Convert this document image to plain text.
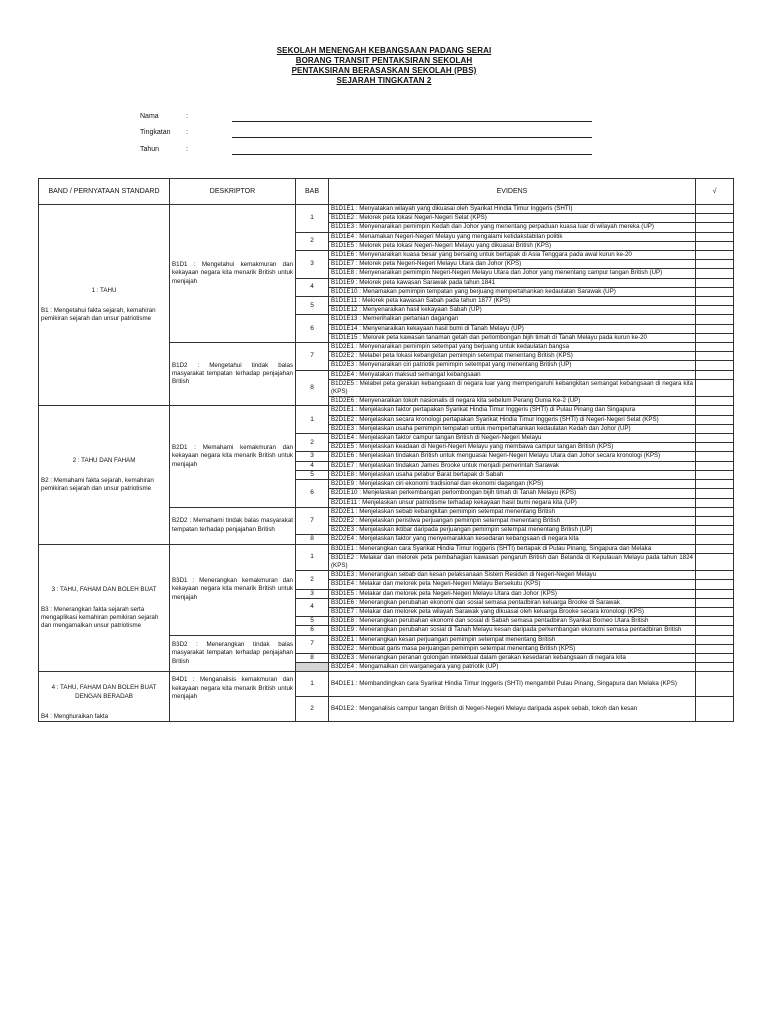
SEKOLAH MENENGAH KEBANGSAAN PADANG SERAI
BORANG TRANSIT PENTAKSIRAN SEKOLAH
PENTAKSIRAN BERASASKAN SEKOLAH (PBS)
SEJARAH TINGKATAN 2
Nama	:
Tingkatan	:
Tahun	:
BAND / PERNYATAAN STANDARD	DESKRIPTOR	BAB	EVIDENS	√

1 : TAHU
B1 : Mengetahui fakta sejarah, kemahiran pemikiran sejarah dan unsur patriotisme	B1D1 : Mengetahui kemakmuran dan kekayaan negara kita menarik British untuk menjajah	1	B1D1E1 : Menyatakan wilayah yang dikuasai oleh Syarikat Hindia Timur Inggeris (SHTI)	
			B1D1E2 : Melorek peta lokasi Negeri-Negeri Selat (KPS)	
			B1D1E3 : Menyenaraikan pemimpin Kedah dan Johor yang menentang perpaduan kuasa luar di wilayah mereka (UP)	
		2	B1D1E4 : Menamakan Negeri-Negeri Melayu yang mengalami ketidakstabilan politik	
			B1D1E5 : Melorek peta lokasi Negeri-Negeri Melayu yang dikuasai British (KPS)	
		3	B1D1E6 : Menyenaraikan kuasa besar yang bersaing untuk bertapak di Asia Tenggara pada awal kurun ke-20	
			B1D1E7 : Melorek peta Negeri-Negeri Melayu Utara dan Johor (KPS)	
			B1D1E8 : Menyenaraikan pemimpin Negeri-Negeri Melayu Utara dan Johor yang menentang campur tangan British (UP)	
		4	B1D1E9 : Melorek peta kawasan Sarawak pada tahun 1841	
			B1D1E10 : Menamakan pemimpin tempatan yang berjuang mempertahankan kedaulatan Sarawak (UP)	
		5	B1D1E11 : Melorek peta kawasan Sabah pada tahun 1877 (KPS)	
			B1D1E12 : Menyenaraikan hasil kekayaan Sabah (UP)	
		6	B1D1E13 : Memerihalkan pertanian dagangan	
			B1D1E14 : Menyenaraikan kekayaan hasil bumi di Tanah Melayu (UP)	
			B1D1E15 : Melorek peta kawasan tanaman getah dan perlombongan bijih timah di Tanah Melayu pada kurun ke-20	
	B1D2 : Mengetahui tindak balas masyarakat tempatan terhadap penjajahan British	7	B1D2E1 : Menyenaraikan pemimpin setempat yang berjuang untuk kedaulatan bangsa	
			B1D2E2 : Melabel peta lokasi kebangkitan pemimpin setempat menentang British (KPS)	
			B1D2E3 : Menyenaraikan ciri patriotik pemimpin setempat yang menentang British (UP)	
		8	B1D2E4 : Menyatakan maksud semangat kebangsaan	
			B1D2E5 : Melabel peta gerakan kebangsaan di negara luar yang mempengaruhi kebangkitan semangat kebangsaan di negara kita (KPS)	
			B1D2E6 : Menyenaraikan tokoh nasionalis di negara kita sebelum Perang Dunia Ke-2 (UP)	

2 : TAHU DAN FAHAM
B2 : Memahami fakta sejarah, kemahiran pemikiran sejarah dan unsur patriotisme	B2D1 : Memahami kemakmuran dan kekayaan negara kita menarik British untuk menjajah	1	B2D1E1 : Menjelaskan faktor pertapakan Syarikat Hindia Timur Inggeris (SHTI) di Pulau Pinang dan Singapura	
			B2D1E2 : Menjelaskan secara kronologi pertapakan Syarikat Hindia Timur Inggeris (SHTI) di Negeri-Negeri Selat (KPS)	
			B2D1E3 : Menjelaskan usaha pemimpin tempatan untuk mempertahankan kedaulatan Kedah dan Johor (UP)	
		2	B2D1E4 : Menjelaskan faktor campur tangan British di Negeri-Negeri Melayu	
			B2D1E5 : Menjelaskan keadaan di Negeri-Negeri Melayu yang membawa campur tangan British (KPS)	
		3	B2D1E6 : Menjelaskan tindakan British untuk menguasai Negeri-Negeri Melayu Utara dan Johor secara kronologi (KPS)	
		4	B2D1E7 : Menjelaskan tindakan James Brooke untuk menjadi pemerintah Sarawak	
		5	B2D1E8 : Menjelaskan usaha pelabur Barat bertapak di Sabah	
		6	B2D1E9 : Menjelaskan ciri ekonomi tradisional dan ekonomi dagangan (KPS)	
			B2D1E10 : Menjelaskan perkembangan perlombongan bijih timah di Tanah Melayu (KPS)	
			B2D1E11 : Menjelaskan unsur patriotisme terhadap kekayaan hasil bumi negara kita (UP)	
	B2D2 : Memahami tindak balas masyarakat tempatan terhadap penjajahan British	7	B2D2E1 : Menjelaskan sebab kebangkitan pemimpin setempat menentang British	
			B2D2E2 : Menjelaskan peristiwa perjuangan pemimpin setempat menentang British	
			B2D2E3 : Menjelaskan iktibar daripada perjuangan pemimpin setempat menentang British (UP)	
		8	B2D2E4 : Menjelaskan faktor yang menyemarakkan kesedaran kebangsaan di negara kita	

3 : TAHU, FAHAM DAN BOLEH BUAT
B3 : Menerangkan fakta sejarah serta mengaplikasi kemahiran pemikiran sejarah dan mengamalkan unsur patriotisme	B3D1 : Menerangkan kemakmuran dan kekayaan negara kita menarik British untuk menjajah	1	B3D1E1 : Menerangkan cara Syarikat Hindia Timur Inggeris (SHTI) bertapak di Pulau Pinang, Singapura dan Melaka	
			B3D1E2 : Melakar dan melorek peta pembahagian kawasan pengaruh British dan Belanda di Kepulauan Melayu pada tahun 1824 (KPS)	
		2	B3D1E3 : Menerangkan sebab dan kesan pelaksanaan Sistem Residen di Negeri-Negeri Melayu	
			B3D1E4 : Melakar dan melorek peta Negeri-Negeri Melayu Bersekutu (KPS)	
		3	B3D1E5 : Melakar dan melorek peta Negeri-Negeri Melayu Utara dan Johor (KPS)	
		4	B3D1E6 : Menerangkan perubahan ekonomi dan sosial semasa pentadbiran keluarga Brooke di Sarawak	
			B3D1E7 : Melakar dan melorek peta wilayah Sarawak yang dikuasai oleh keluarga Brooke secara kronologi (KPS)	
		5	B3D1E8 : Menerangkan perubahan ekonomi dan sosial di Sabah semasa pentadbiran Syarikat Borneo Utara British	
		6	B3D1E9 : Menerangkan perubahan sosial di Tanah Melayu kesan daripada perkembangan ekonomi semasa pentadbiran British	
	B3D2 : Menerangkan tindak balas masyarakat tempatan terhadap penjajahan British	7	B3D2E1 : Menerangkan kesan perjuangan pemimpin setempat menentang British	
			B3D2E2 : Membuat garis masa perjuangan pemimpin setempat menentang British (KPS)	
		8	B3D2E3 : Menerangkan peranan golongan intelektual dalam gerakan kesedaran kebangsaan di negara kita	
			B3D2E4 : Mengamalkan ciri warganegara yang patriotik (UP)	

4 : TAHU, FAHAM DAN BOLEH BUAT DENGAN BERADAB
B4 : Menghuraikan fakta	B4D1 : Menganalisis kemakmuran dan kekayaan negara kita menarik British untuk menjajah	1	B4D1E1 : Membandingkan cara Syarikat Hindia Timur Inggeris (SHTI) mengambil Pulau Pinang, Singapura dan Melaka (KPS)	
		2	B4D1E2 : Menganalisis campur tangan British di Negeri-Negeri Melayu daripada aspek sebab, tokoh dan kesan	
